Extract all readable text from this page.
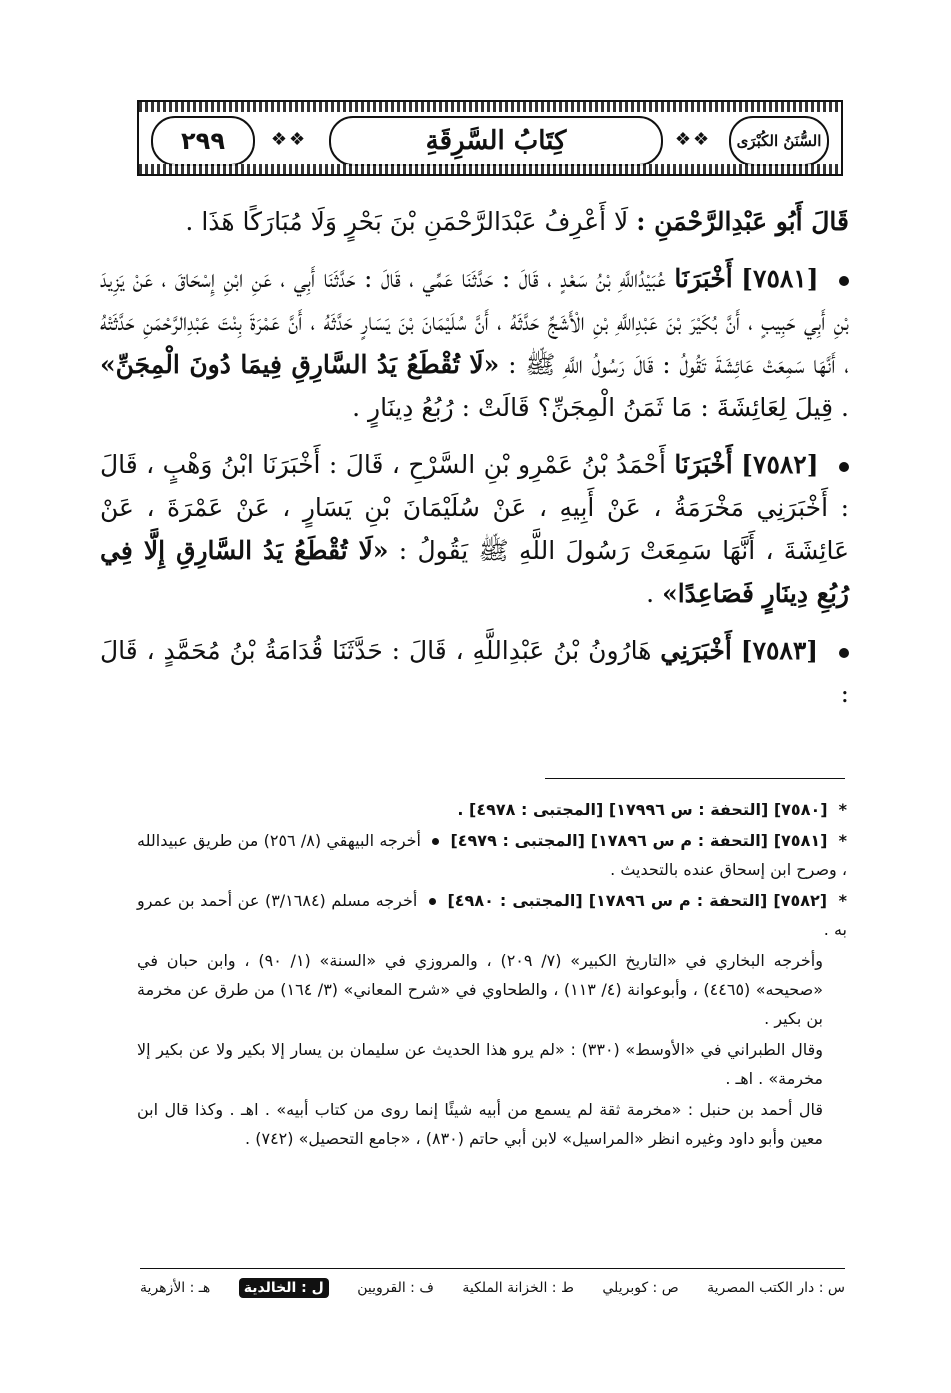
٢٩٩	❖❖	كِتَابُ السَّرِقَةِ	❖❖	السُّنَنُ الكُبْرَى

قَالَ أَبُو عَبْدِالرَّحْمَنِ : لَا أَعْرِفُ عَبْدَالرَّحْمَنِ بْنَ بَحْرٍ وَلَا مُبَارَكًا هَذَا .

[٧٥٨١] أَخْبَرَنَا عُبَيْدُاللَّهِ بْنُ سَعْدٍ ، قَالَ : حَدَّثَنَا عَمِّي ، قَالَ : حَدَّثَنَا أَبِي ، عَنِ ابْنِ إِسْحَاقَ ، عَنْ يَزِيدَ بْنِ أَبِي حَبِيبٍ ، أَنَّ بُكَيْرَ بْنَ عَبْدِاللَّهِ بْنِ الْأَشَجِّ حَدَّثَهُ ، أَنَّ سُلَيْمَانَ بْنَ يَسَارٍ حَدَّثَهُ ، أَنَّ عَمْرَةَ بِنْتَ عَبْدِالرَّحْمَنِ حَدَّثَتْهُ ، أَنَّهَا سَمِعَتْ عَائِشَةَ تَقُولُ : قَالَ رَسُولُ اللَّهِ ﷺ : «لَا تُقْطَعُ يَدُ السَّارِقِ فِيمَا دُونَ الْمِجَنِّ» . قِيلَ لِعَائِشَةَ : مَا ثَمَنُ الْمِجَنِّ؟ قَالَتْ : رُبُعُ دِينَارٍ .

[٧٥٨٢] أَخْبَرَنَا أَحْمَدُ بْنُ عَمْرِو بْنِ السَّرْحِ ، قَالَ : أَخْبَرَنَا ابْنُ وَهْبٍ ، قَالَ : أَخْبَرَنِي مَخْرَمَةُ ، عَنْ أَبِيهِ ، عَنْ سُلَيْمَانَ بْنِ يَسَارٍ ، عَنْ عَمْرَةَ ، عَنْ عَائِشَةَ ، أَنَّهَا سَمِعَتْ رَسُولَ اللَّهِ ﷺ يَقُولُ : «لَا تُقْطَعُ يَدُ السَّارِقِ إِلَّا فِي رُبُعِ دِينَارٍ فَصَاعِدًا» .

[٧٥٨٣] أَخْبَرَنِي هَارُونُ بْنُ عَبْدِاللَّهِ ، قَالَ : حَدَّثَنَا قُدَامَةُ بْنُ مُحَمَّدٍ ، قَالَ :

* [٧٥٨٠] [التحفة : س ١٧٩٩٦] [المجتبى : ٤٩٧٨] .

* [٧٥٨١] [التحفة : م س ١٧٨٩٦] [المجتبى : ٤٩٧٩]  أخرجه البيهقي (٨/ ٢٥٦) من طريق عبيدالله ، وصرح ابن إسحاق عنده بالتحديث .

* [٧٥٨٢] [التحفة : م س ١٧٨٩٦] [المجتبى : ٤٩٨٠]  أخرجه مسلم (٣/١٦٨٤) عن أحمد بن عمرو به .

وأخرجه البخاري في «التاريخ الكبير» (٧/ ٢٠٩) ، والمروزي في «السنة» (١/ ٩٠) ، وابن حبان في «صحيحه» (٤٤٦٥) ، وأبوعوانة (٤/ ١١٣) ، والطحاوي في «شرح المعاني» (٣/ ١٦٤) من طرق عن مخرمة بن بكير .

وقال الطبراني في «الأوسط» (٣٣٠) : «لم يرو هذا الحديث عن سليمان بن يسار إلا بكير ولا عن بكير إلا مخرمة» . اهـ .

قال أحمد بن حنبل : «مخرمة ثقة لم يسمع من أبيه شيئًا إنما روى من كتاب أبيه» . اهـ . وكذا قال ابن معين وأبو داود وغيره انظر «المراسيل» لابن أبي حاتم (٨٣٠) ، «جامع التحصيل» (٧٤٢) .

س : دار الكتب المصرية
ص : كوبريلي
ط : الخزانة الملكية
ف : القرويين
ل : الخالدية
هـ : الأزهرية
